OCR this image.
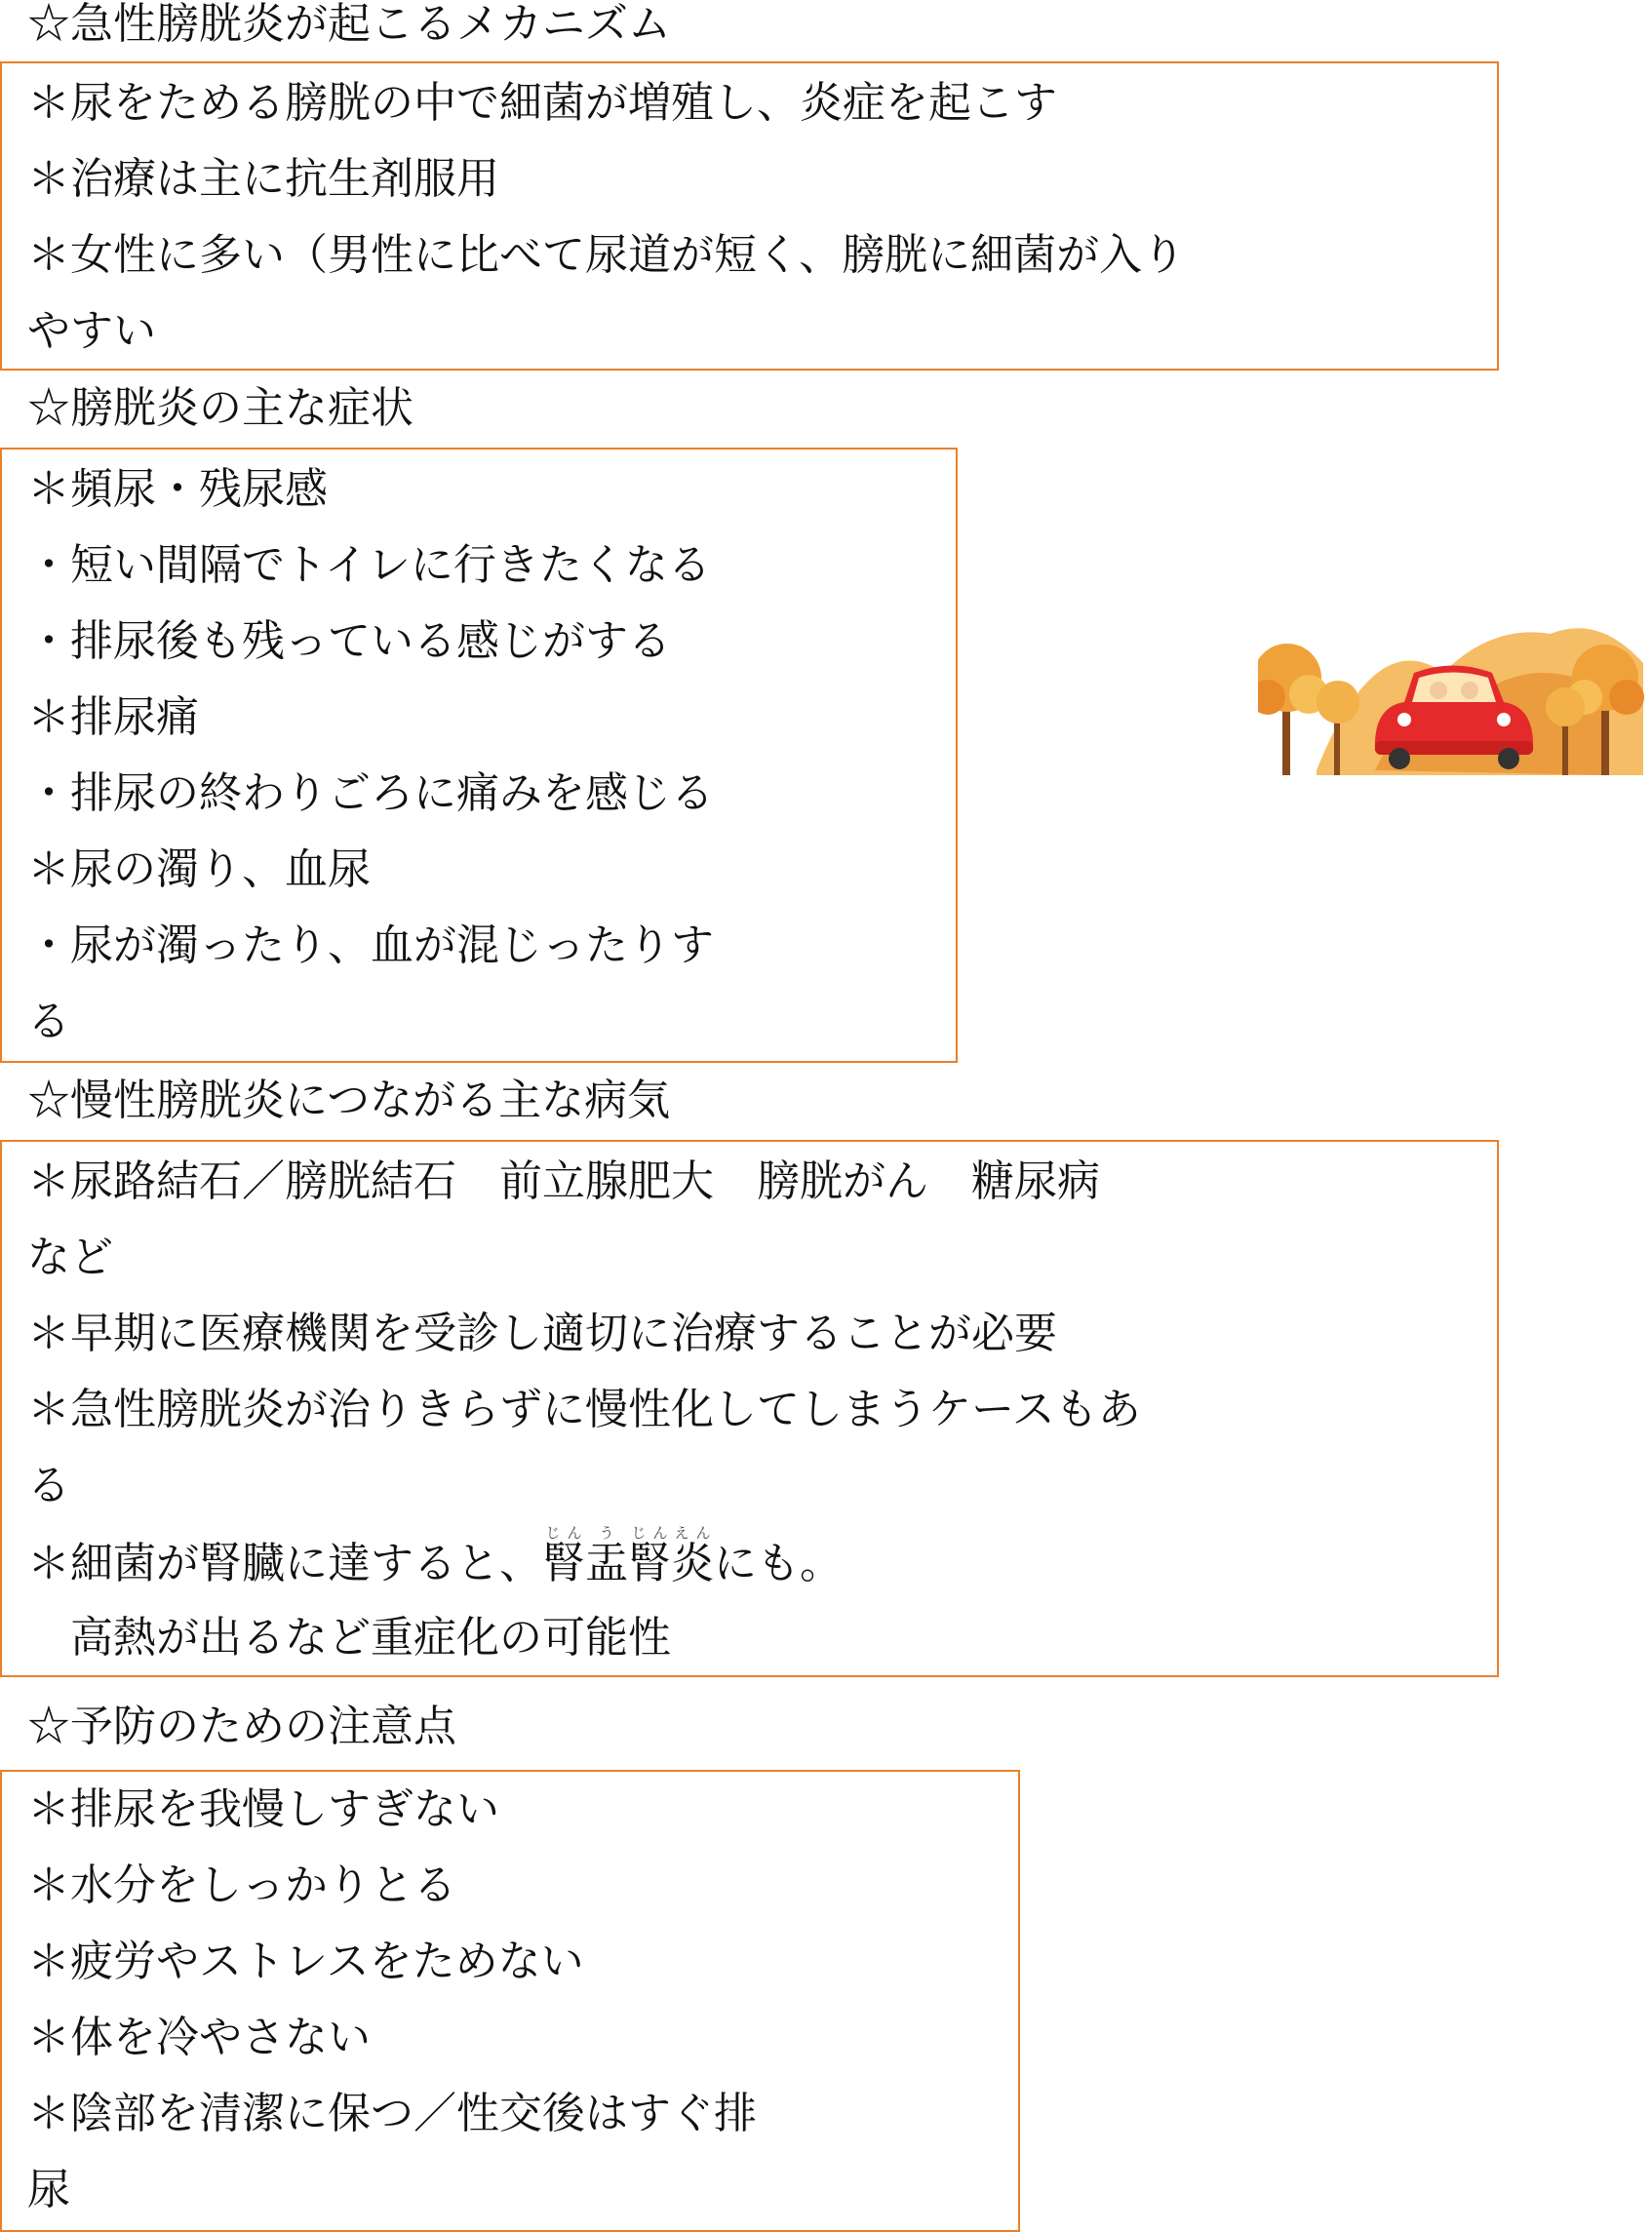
☆急性膀胱炎が起こるメカニズム
＊尿をためる膀胱の中で細菌が増殖し、炎症を起こす
＊治療は主に抗生剤服用
＊女性に多い（男性に比べて尿道が短く、膀胱に細菌が入り
やすい
☆膀胱炎の主な症状
＊頻尿・残尿感
・短い間隔でトイレに行きたくなる
・排尿後も残っている感じがする
＊排尿痛
・排尿の終わりごろに痛みを感じる
＊尿の濁り、血尿
・尿が濁ったり、血が混じったりす
る
☆慢性膀胱炎につながる主な病気
＊尿路結石／膀胱結石　前立腺肥大　膀胱がん　糖尿病
など
＊早期に医療機関を受診し適切に治療することが必要
＊急性膀胱炎が治りきらずに慢性化してしまうケースもあ
る
＊細菌が腎臓に達すると、腎じん盂う腎じん炎えんにも。
　高熱が出るなど重症化の可能性
☆予防のための注意点
＊排尿を我慢しすぎない
＊水分をしっかりとる
＊疲労やストレスをためない
＊体を冷やさない
＊陰部を清潔に保つ／性交後はすぐ排
尿
